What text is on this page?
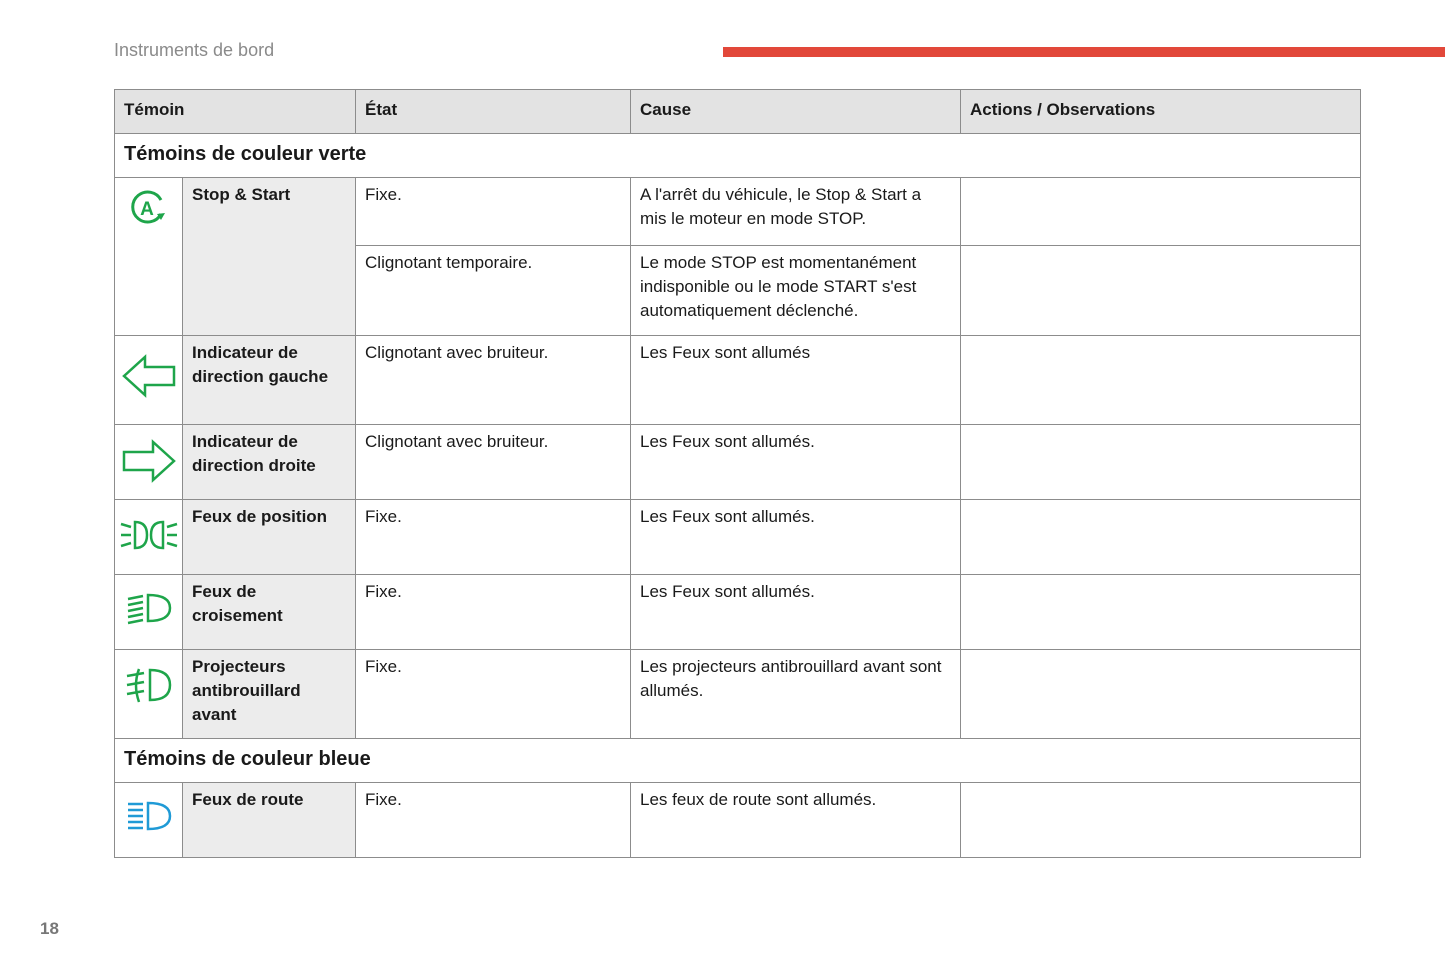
Instruments de bord
Témoin		État	Cause	Actions / Observations
Témoins de couleur verte				

A	Stop & Start	Fixe.	A l'arrêt du véhicule, le Stop & Start a mis le moteur en mode STOP.	
		Clignotant temporaire.	Le mode STOP est momentanément indisponible ou le mode START s'est automatiquement déclenché.	

	Indicateur de direction gauche	Clignotant avec bruiteur.	Les Feux sont allumés	

	Indicateur de direction droite	Clignotant avec bruiteur.	Les Feux sont allumés.	

	Feux de position	Fixe.	Les Feux sont allumés.	

	Feux de croisement	Fixe.	Les Feux sont allumés.	

	Projecteurs antibrouillard avant	Fixe.	Les projecteurs antibrouillard avant sont allumés.	
Témoins de couleur bleue				

	Feux de route	Fixe.	Les feux de route sont allumés.	
18
